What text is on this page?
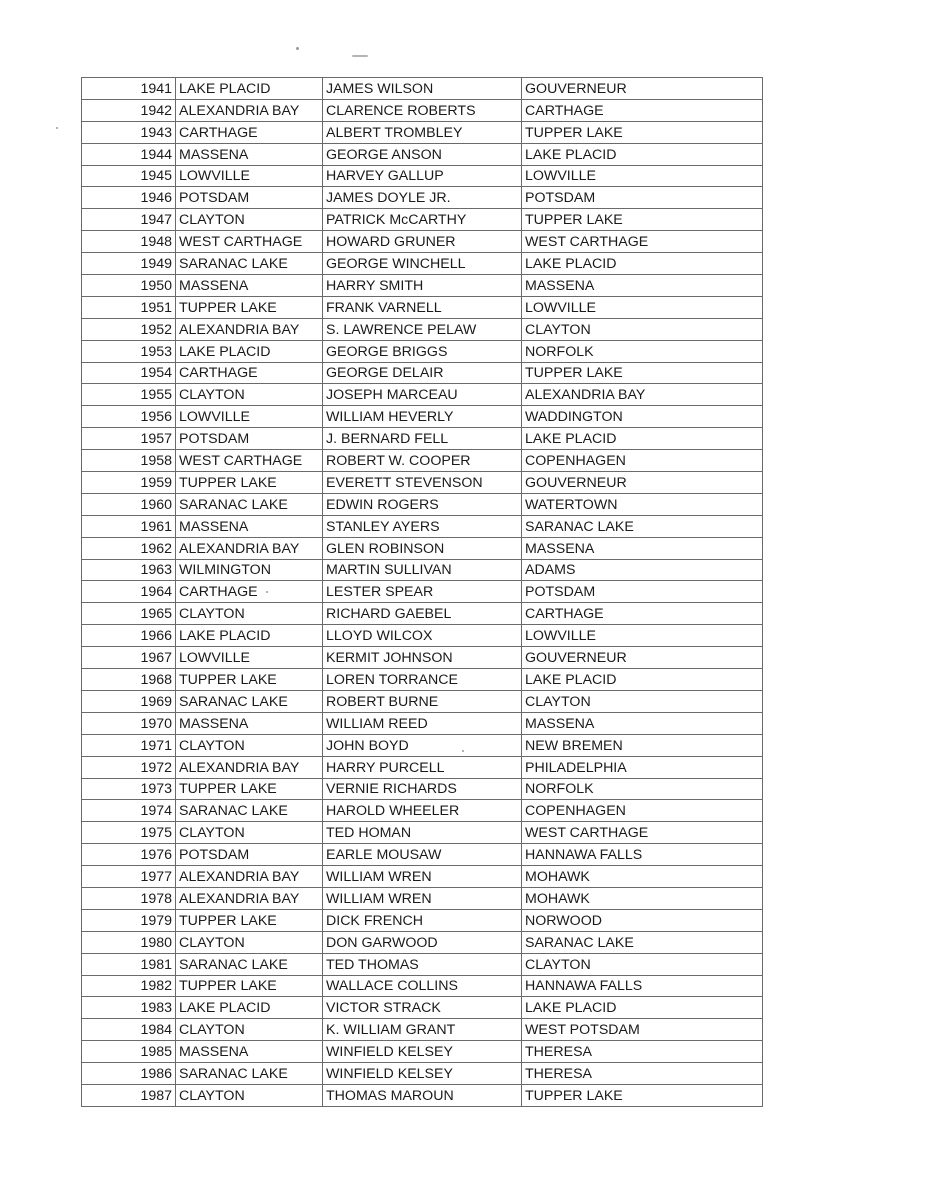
1941	LAKE PLACID	JAMES WILSON	GOUVERNEUR
1942	ALEXANDRIA BAY	CLARENCE ROBERTS	CARTHAGE
1943	CARTHAGE	ALBERT TROMBLEY	TUPPER LAKE
1944	MASSENA	GEORGE ANSON	LAKE PLACID
1945	LOWVILLE	HARVEY GALLUP	LOWVILLE
1946	POTSDAM	JAMES DOYLE JR.	POTSDAM
1947	CLAYTON	PATRICK McCARTHY	TUPPER LAKE
1948	WEST CARTHAGE	HOWARD GRUNER	WEST CARTHAGE
1949	SARANAC LAKE	GEORGE WINCHELL	LAKE PLACID
1950	MASSENA	HARRY SMITH	MASSENA
1951	TUPPER LAKE	FRANK VARNELL	LOWVILLE
1952	ALEXANDRIA BAY	S. LAWRENCE PELAW	CLAYTON
1953	LAKE PLACID	GEORGE BRIGGS	NORFOLK
1954	CARTHAGE	GEORGE DELAIR	TUPPER LAKE
1955	CLAYTON	JOSEPH MARCEAU	ALEXANDRIA BAY
1956	LOWVILLE	WILLIAM HEVERLY	WADDINGTON
1957	POTSDAM	J. BERNARD FELL	LAKE PLACID
1958	WEST CARTHAGE	ROBERT W. COOPER	COPENHAGEN
1959	TUPPER LAKE	EVERETT STEVENSON	GOUVERNEUR
1960	SARANAC LAKE	EDWIN ROGERS	WATERTOWN
1961	MASSENA	STANLEY AYERS	SARANAC LAKE
1962	ALEXANDRIA BAY	GLEN ROBINSON	MASSENA
1963	WILMINGTON	MARTIN SULLIVAN	ADAMS
1964	CARTHAGE	LESTER SPEAR	POTSDAM
1965	CLAYTON	RICHARD GAEBEL	CARTHAGE
1966	LAKE PLACID	LLOYD WILCOX	LOWVILLE
1967	LOWVILLE	KERMIT JOHNSON	GOUVERNEUR
1968	TUPPER LAKE	LOREN TORRANCE	LAKE PLACID
1969	SARANAC LAKE	ROBERT BURNE	CLAYTON
1970	MASSENA	WILLIAM REED	MASSENA
1971	CLAYTON	JOHN BOYD	NEW BREMEN
1972	ALEXANDRIA BAY	HARRY PURCELL	PHILADELPHIA
1973	TUPPER LAKE	VERNIE RICHARDS	NORFOLK
1974	SARANAC LAKE	HAROLD WHEELER	COPENHAGEN
1975	CLAYTON	TED HOMAN	WEST CARTHAGE
1976	POTSDAM	EARLE MOUSAW	HANNAWA FALLS
1977	ALEXANDRIA BAY	WILLIAM WREN	MOHAWK
1978	ALEXANDRIA BAY	WILLIAM WREN	MOHAWK
1979	TUPPER LAKE	DICK FRENCH	NORWOOD
1980	CLAYTON	DON GARWOOD	SARANAC LAKE
1981	SARANAC LAKE	TED THOMAS	CLAYTON
1982	TUPPER LAKE	WALLACE COLLINS	HANNAWA FALLS
1983	LAKE PLACID	VICTOR STRACK	LAKE PLACID
1984	CLAYTON	K. WILLIAM GRANT	WEST POTSDAM
1985	MASSENA	WINFIELD KELSEY	THERESA
1986	SARANAC LAKE	WINFIELD KELSEY	THERESA
1987	CLAYTON	THOMAS MAROUN	TUPPER LAKE
